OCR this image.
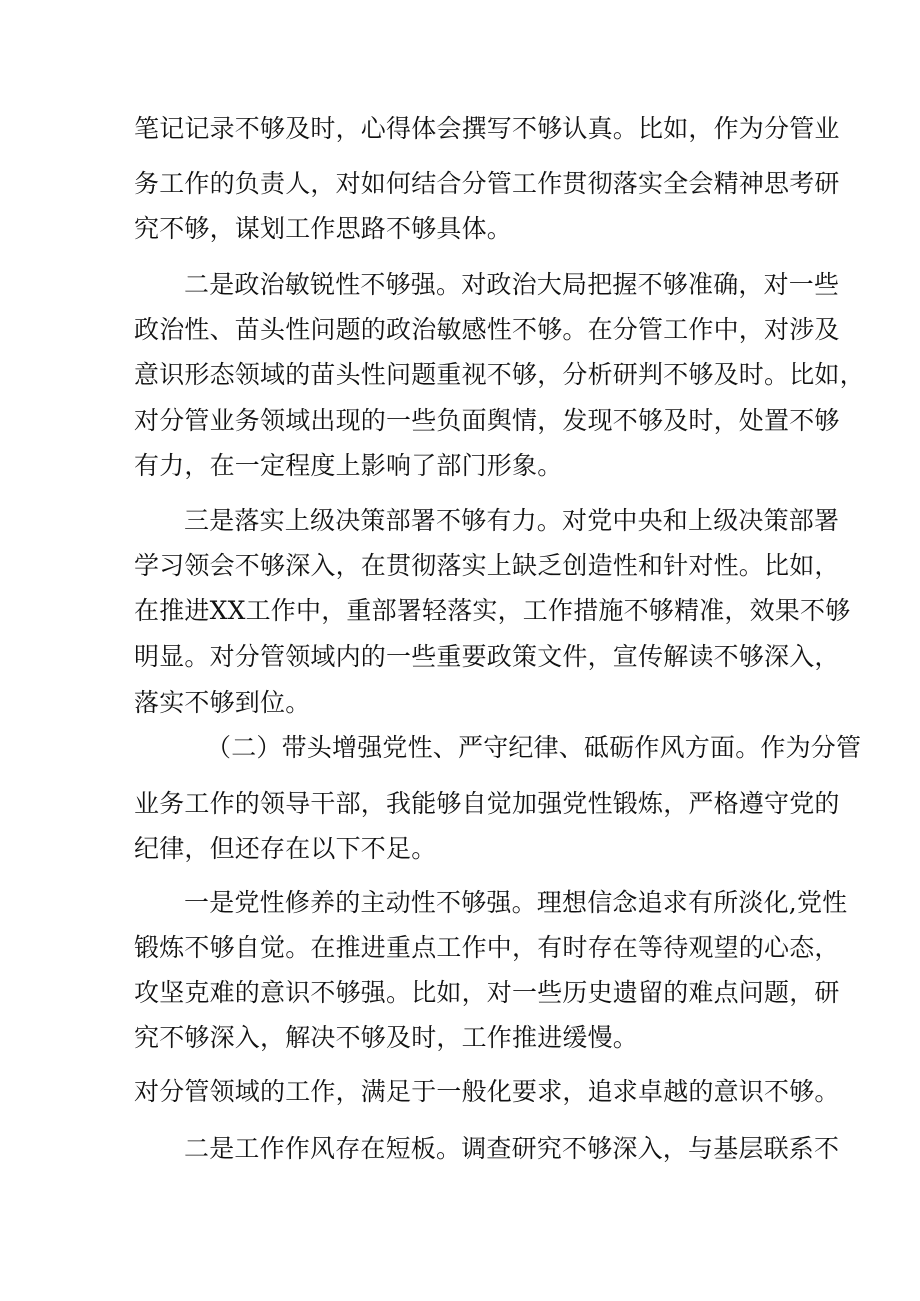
笔记记录不够及时，心得体会撰写不够认真。比如，作为分管业
务工作的负责人，对如何结合分管工作贯彻落实全会精神思考研
究不够，谋划工作思路不够具体。
二是政治敏锐性不够强。对政治大局把握不够准确，对一些
政治性、苗头性问题的政治敏感性不够。在分管工作中，对涉及
意识形态领域的苗头性问题重视不够，分析研判不够及时。比如，
对分管业务领域出现的一些负面舆情，发现不够及时，处置不够
有力，在一定程度上影响了部门形象。
三是落实上级决策部署不够有力。对党中央和上级决策部署
学习领会不够深入，在贯彻落实上缺乏创造性和针对性。比如，
在推进XX工作中，重部署轻落实，工作措施不够精准，效果不够
明显。对分管领域内的一些重要政策文件，宣传解读不够深入，
落实不够到位。
（二）带头增强党性、严守纪律、砥砺作风方面。作为分管
业务工作的领导干部，我能够自觉加强党性锻炼，严格遵守党的
纪律，但还存在以下不足。
一是党性修养的主动性不够强。理想信念追求有所淡化,党性
锻炼不够自觉。在推进重点工作中，有时存在等待观望的心态，
攻坚克难的意识不够强。比如，对一些历史遗留的难点问题，研
究不够深入，解决不够及时，工作推进缓慢。
对分管领域的工作，满足于一般化要求，追求卓越的意识不够。
二是工作作风存在短板。调查研究不够深入，与基层联系不
